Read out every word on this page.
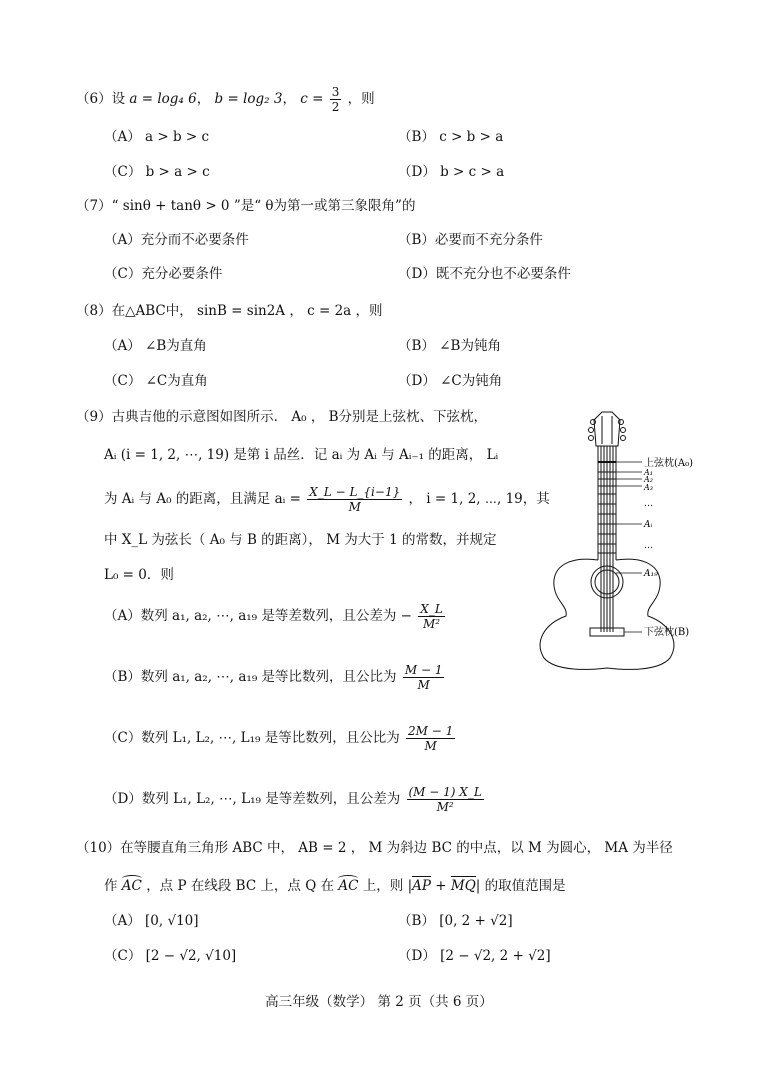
（6）设 a = log₄ 6， b = log₂ 3， $c = \frac{3}{2}$ ，则
（A） a > b > c	（B） c > b > a
（C） b > a > c	（D） b > c > a
（7）“ sinθ + tanθ > 0 ”是“ θ为第一或第三象限角”的
（A）充分而不必要条件	（B）必要而不充分条件
（C）充分必要条件	（D）既不充分也不必要条件
（8）在△ABC中， sinB = sin2A ， c = 2a ，则
（A） ∠B为直角	（B） ∠B为钝角
（C） ∠C为直角	（D） ∠C为钝角
（9）古典吉他的示意图如图所示． A₀ ， B分别是上弦枕、下弦枕，
Aᵢ (i = 1, 2, ⋯, 19) 是第 i 品丝．记 aᵢ 为 Aᵢ 与 Aᵢ₋₁ 的距离， Lᵢ
为 Aᵢ 与 A₀ 的距离，且满足 aᵢ = $\frac{X\_L - L\_\{i-1\}}{M}$ ， i = 1, 2, ⋯, 19，其
中 X_L 为弦长（ A₀ 与 B 的距离）， M 为大于 1 的常数，并规定
L₀ = 0．则
（A）数列 a₁, a₂, ⋯, a₁₉ 是等差数列，且公差为 − $\frac{X\_L}{\text{M²}}$
（B）数列 a₁, a₂, ⋯, a₁₉ 是等比数列，且公比为 $\frac{M - 1}{M}$
（C）数列 L₁, L₂, ⋯, L₁₉ 是等比数列，且公比为 $\frac{2M - 1}{M}$
（D）数列 L₁, L₂, ⋯, L₁₉ 是等差数列，且公差为 $\frac{(M - 1) X\_L}{\text{M²}}$
上弦枕(A₀)
A₁
A₂
A₃
…
Aᵢ
…
A₁₉
下弦枕(B)
（10）在等腰直角三角形 ABC 中， AB = 2 ， M 为斜边 BC 的中点，以 M 为圆心， MA 为半径
作 AC ，点 P 在线段 BC 上，点 Q 在 AC 上，则 |AP + MQ| 的取值范围是
（A） [0, √10]	（B） [0, 2 + √2]
（C） [2 − √2, √10]	（D） [2 − √2, 2 + √2]
高三年级（数学） 第 2 页（共 6 页）
